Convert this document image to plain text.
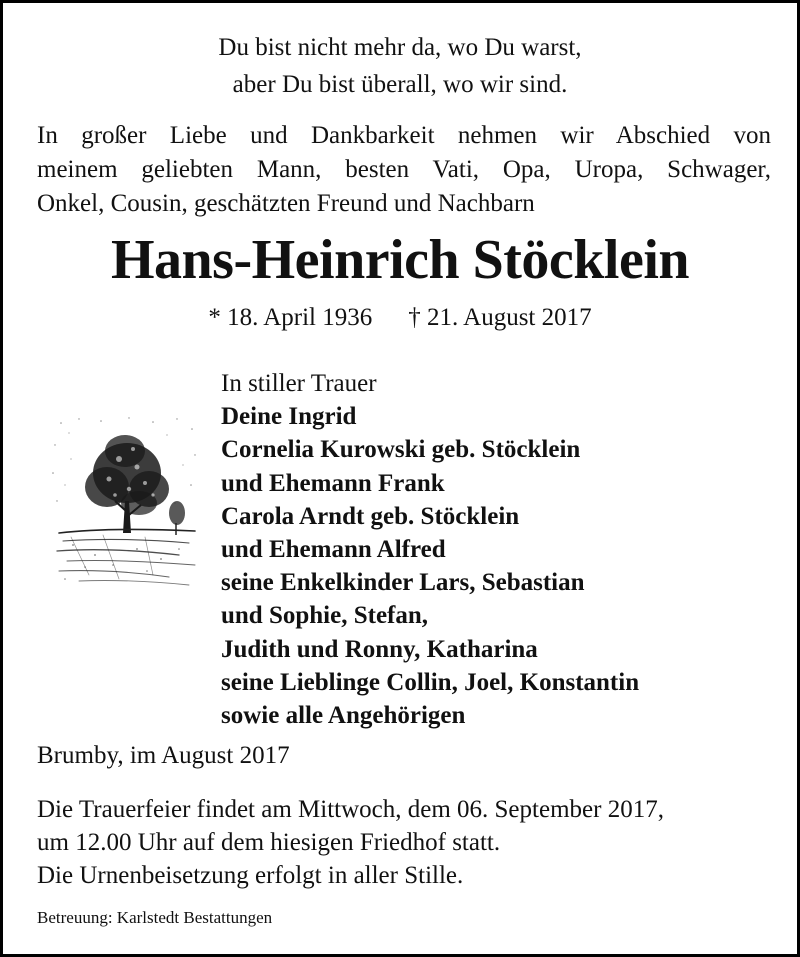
Du bist nicht mehr da, wo Du warst,
aber Du bist überall, wo wir sind.
In großer Liebe und Dankbarkeit nehmen wir Abschied von
meinem geliebten Mann, besten Vati, Opa, Uropa, Schwager,
Onkel, Cousin, geschätzten Freund und Nachbarn
Hans-Heinrich Stöcklein
* 18. April 1936 † 21. August 2017
In stiller Trauer
Deine Ingrid
Cornelia Kurowski geb. Stöcklein
und Ehemann Frank
Carola Arndt geb. Stöcklein
und Ehemann Alfred
seine Enkelkinder Lars, Sebastian
und Sophie, Stefan,
Judith und Ronny, Katharina
seine Lieblinge Collin, Joel, Konstantin
sowie alle Angehörigen
Brumby, im August 2017
Die Trauerfeier findet am Mittwoch, dem 06. September 2017,
um 12.00 Uhr auf dem hiesigen Friedhof statt.
Die Urnenbeisetzung erfolgt in aller Stille.
Betreuung: Karlstedt Bestattungen
